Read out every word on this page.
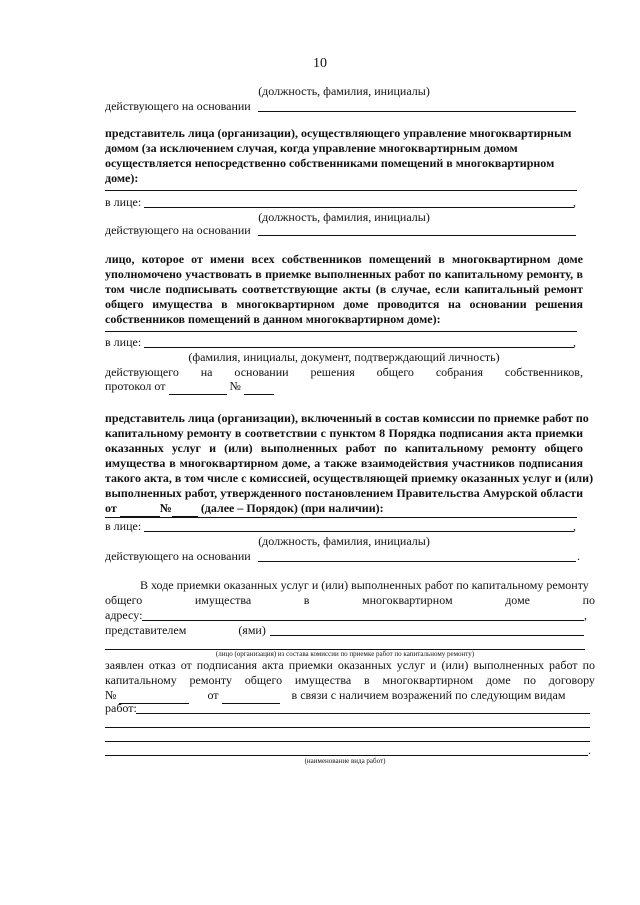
10
(должность, фамилия, инициалы)
действующего на основании
представитель лица (организации), осуществляющего управление многоквартирным
домом (за исключением случая, когда управление многоквартирным домом
осуществляется непосредственно собственниками помещений в многоквартирном
доме):
в лице:	,
(должность, фамилия, инициалы)
действующего на основании
лицо, которое от имени всех собственников помещений в многоквартирном доме
уполномочено участвовать в приемке выполненных работ по капитальному ремонту, в
том числе подписывать соответствующие акты (в случае, если капитальный ремонт
общего имущества в многоквартирном доме проводится на основании решения
собственников помещений в данном многоквартирном доме):
в лице:	,
(фамилия, инициалы, документ, подтверждающий личность)
действующего на основании решения общего собрания собственников,
протокол от	№
представитель лица (организации), включенный в состав комиссии по приемке работ по
капитальному ремонту в соответствии с пунктом 8 Порядка подписания акта приемки
оказанных услуг и (или) выполненных работ по капитальному ремонту общего
имущества в многоквартирном доме, а также взаимодействия участников подписания
такого акта, в том числе с комиссией, осуществляющей приемку оказанных услуг и (или)
выполненных работ, утвержденного постановлением Правительства Амурской области
от	№ (далее – Порядок) (при наличии):
в лице:	,
(должность, фамилия, инициалы)
действующего на основании	.
В ходе приемки оказанных услуг и (или) выполненных работ по капитальному ремонту
общего	имущества	в	многоквартирном	доме	по
адресу:	,
представителем	(ями)
(лицо (организация) из состава комиссии по приемке работ по капитальному ремонту)
заявлен отказ от подписания акта приемки оказанных услуг и (или) выполненных работ по
капитальному ремонту общего имущества в многоквартирном доме по договору
№	от	в связи с наличием возражений по следующим видам
работ:
.
(наименование вида работ)
